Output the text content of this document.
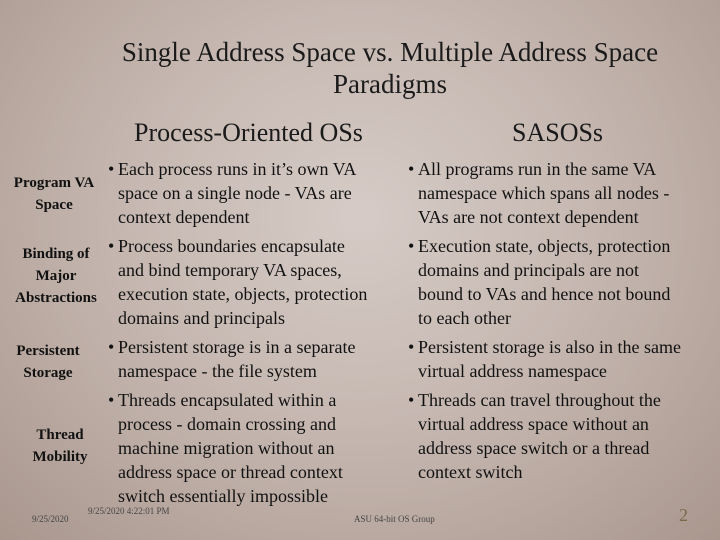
Single Address Space vs. Multiple Address Space
Paradigms
Process-Oriented OSs	SASOSs
Program VA
Space
Binding of
Major
Abstractions
Persistent
Storage
Thread
Mobility
• Each process runs in it’s own VA
space on a single node - VAs are
context dependent
• Process boundaries encapsulate
and bind temporary VA spaces,
execution state, objects, protection
domains and principals
• Persistent storage is in a separate
namespace - the file system
• Threads encapsulated within a
process - domain crossing and
machine migration without an
address space or thread context
switch essentially impossible
• All programs run in the same VA
namespace which spans all nodes -
VAs are not context dependent
• Execution state, objects, protection
domains and principals are not
bound to VAs and hence not bound
to each other
• Persistent storage is also in the same
virtual address namespace
• Threads can travel throughout the
virtual address space without an
address space switch or a thread
context switch
9/25/2020
9/25/2020 4:22:01 PM
ASU 64-bit OS Group	2
